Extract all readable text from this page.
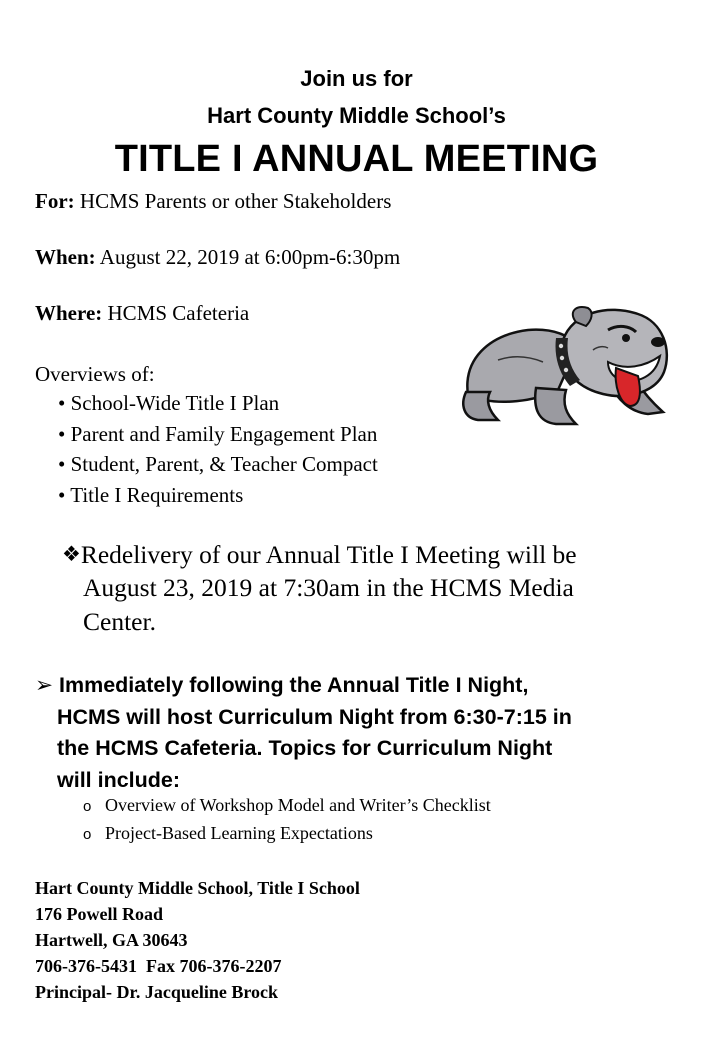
Join us for
Hart County Middle School’s
TITLE I ANNUAL MEETING
For: HCMS Parents or other Stakeholders
When: August 22, 2019 at 6:00pm-6:30pm
Where: HCMS Cafeteria
Overviews of:
• School-Wide Title I Plan
• Parent and Family Engagement Plan
• Student, Parent, & Teacher Compact
• Title I Requirements
❖Redelivery of our Annual Title I Meeting will be
August 23, 2019 at 7:30am in the HCMS Media
Center.
➢ Immediately following the Annual Title I Night,
HCMS will host Curriculum Night from 6:30-7:15 in
the HCMS Cafeteria. Topics for Curriculum Night
will include:
o Overview of Workshop Model and Writer’s Checklist
o Project-Based Learning Expectations
Hart County Middle School, Title I School
176 Powell Road
Hartwell, GA 30643
706-376-5431  Fax 706-376-2207
Principal- Dr. Jacqueline Brock
